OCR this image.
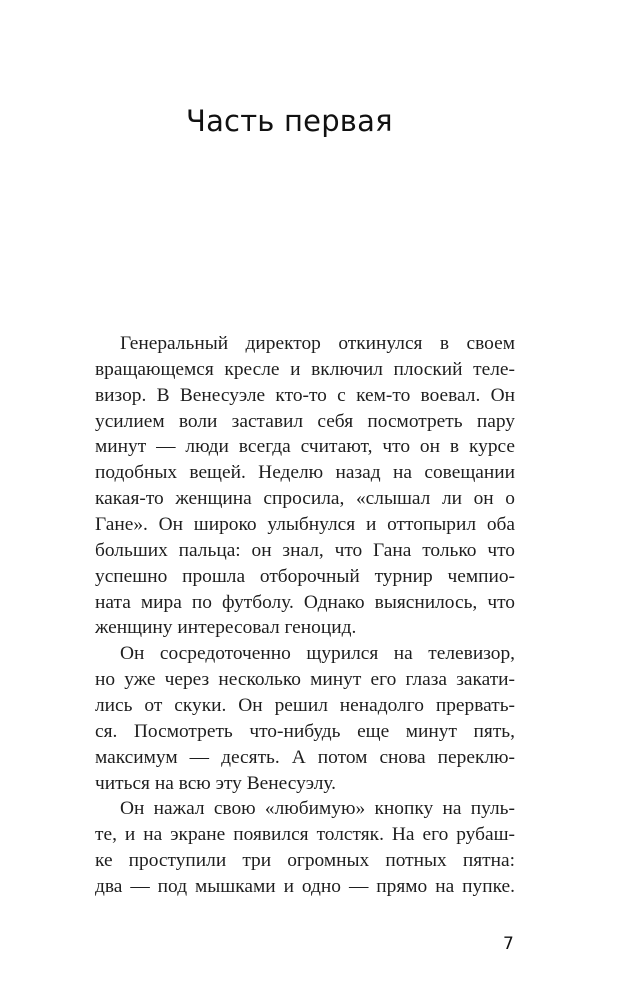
Часть первая
Генеральный директор откинулся в своем
вращающемся кресле и включил плоский теле-
визор. В Венесуэле кто-то с кем-то воевал. Он
усилием воли заставил себя посмотреть пару
минут — люди всегда считают, что он в курсе
подобных вещей. Неделю назад на совещании
какая-то женщина спросила, «слышал ли он о
Гане». Он широко улыбнулся и оттопырил оба
больших пальца: он знал, что Гана только что
успешно прошла отборочный турнир чемпио-
ната мира по футболу. Однако выяснилось, что
женщину интересовал геноцид.
Он сосредоточенно щурился на телевизор,
но уже через несколько минут его глаза закати-
лись от скуки. Он решил ненадолго прервать-
ся. Посмотреть что-нибудь еще минут пять,
максимум — десять. А потом снова переклю-
читься на всю эту Венесуэлу.
Он нажал свою «любимую» кнопку на пуль-
те, и на экране появился толстяк. На его рубаш-
ке проступили три огромных потных пятна:
два — под мышками и одно — прямо на пупке.
7
